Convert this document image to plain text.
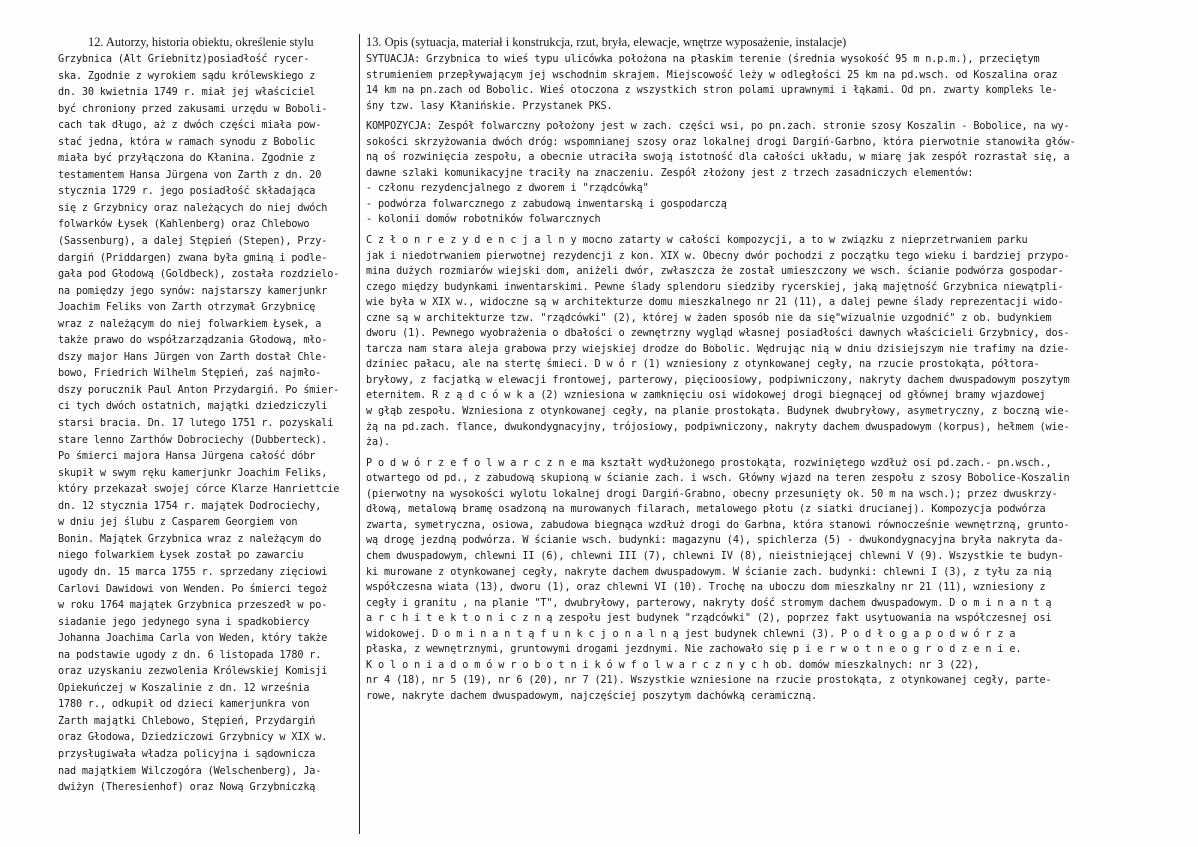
12. Autorzy, historia obiektu, określenie stylu
Grzybnica (Alt Griebnitz)posiadłość rycer-
ska. Zgodnie z wyrokiem sądu królewskiego z
dn. 30 kwietnia 1749 r. miał jej właściciel
być chroniony przed zakusami urzędu w Boboli-
cach tak długo, aż z dwóch części miała pow-
stać jedna, która w ramach synodu z Bobolic
miała być przyłączona do Kłanina. Zgodnie z
testamentem Hansa Jürgena von Zarth z dn. 20
stycznia 1729 r. jego posiadłość składająca
się z Grzybnicy oraz należących do niej dwóch
folwarków Łysek (Kahlenberg) oraz Chlebowo
(Sassenburg), a dalej Stępień (Stepen), Przy-
dargiń (Priddargen) zwana była gminą i podle-
gała pod Głodową (Goldbeck), została rozdzielo-
na pomiędzy jego synów: najstarszy kamerjunkr
Joachim Feliks von Zarth otrzymał Grzybnicę
wraz z należącym do niej folwarkiem Łysek, a
także prawo do współzarządzania Głodową, mło-
dszy major Hans Jürgen von Zarth dostał Chle-
bowo, Friedrich Wilhelm Stępień, zaś najmło-
dszy porucznik Paul Anton Przydargiń. Po śmier-
ci tych dwóch ostatnich, majątki dziedziczyli
starsi bracia. Dn. 17 lutego 1751 r. pozyskali
stare lenno Zarthów Dobrociechy (Dubberteck).
Po śmierci majora Hansa Jürgena całość dóbr
skupił w swym ręku kamerjunkr Joachim Feliks,
który przekazał swojej córce Klarze Hanriettcie
dn. 12 stycznia 1754 r. majątek Dodrociechy,
w dniu jej ślubu z Casparem Georgiem von
Bonin. Majątek Grzybnica wraz z należącym do
niego folwarkiem Łysek został po zawarciu
ugody dn. 15 marca 1755 r. sprzedany zięciowi
Carlovi Dawidowi von Wenden. Po śmierci tegoż
w roku 1764 majątek Grzybnica przeszedł w po-
siadanie jego jedynego syna i spadkobiercy
Johanna Joachima Carla von Weden, który także
na podstawie ugody z dn. 6 listopada 1780 r.
oraz uzyskaniu zezwolenia Królewskiej Komisji
Opiekuńczej w Koszalinie z dn. 12 września
1780 r., odkupił od dzieci kamerjunkra von
Zarth majątki Chlebowo, Stępień, Przydargiń
oraz Głodowa, Dziedziczowi Grzybnicy w XIX w.
przysługiwała władza policyjna i sądownicza
nad majątkiem Wilczogóra (Welschenberg), Ja-
dwiżyn (Theresienhof) oraz Nową Grzybniczką
13. Opis (sytuacja, materiał i konstrukcja, rzut, bryła, elewacje, wnętrze wyposażenie, instalacje)
SYTUACJA: Grzybnica to wieś typu ulicówka położona na płaskim terenie (średnia wysokość 95 m n.p.m.), przeciętym
strumieniem przepływającym jej wschodnim skrajem. Miejscowość leży w odległości 25 km na pd.wsch. od Koszalina oraz
14 km na pn.zach od Bobolic. Wieś otoczona z wszystkich stron polami uprawnymi i łąkami. Od pn. zwarty kompleks le-
śny tzw. lasy Kłanińskie. Przystanek PKS.
KOMPOZYCJA: Zespół folwarczny położony jest w zach. części wsi, po pn.zach. stronie szosy Koszalin - Bobolice, na wy-
sokości skrzyżowania dwóch dróg: wspomnianej szosy oraz lokalnej drogi Dargiń-Garbno, która pierwotnie stanowiła głów-
ną oś rozwinięcia zespołu, a obecnie utraciła swoją istotność dla całości układu, w miarę jak zespół rozrastał się, a
dawne szlaki komunikacyjne traciły na znaczeniu. Zespół złożony jest z trzech zasadniczych elementów:
- członu rezydencjalnego z dworem i "rządcówką"
- podwórza folwarcznego z zabudową inwentarską i gospodarczą
- kolonii domów robotników folwarcznych
C z ł o n r e z y d e n c j a l n y mocno zatarty w całości kompozycji, a to w związku z nieprzetrwaniem parku
jak i niedotrwaniem pierwotnej rezydencji z kon. XIX w. Obecny dwór pochodzi z początku tego wieku i bardziej przypo-
mina dużych rozmiarów wiejski dom, aniżeli dwór, zwłaszcza że został umieszczony we wsch. ścianie podwórza gospodar-
czego między budynkami inwentarskimi. Pewne ślady splendoru siedziby rycerskiej, jaką majętność Grzybnica niewątpli-
wie była w XIX w., widoczne są w architekturze domu mieszkalnego nr 21 (11), a dalej pewne ślady reprezentacji wido-
czne są w architekturze tzw. "rządcówki" (2), której w żaden sposób nie da się"wizualnie uzgodnić" z ob. budynkiem
dworu (1). Pewnego wyobrażenia o dbałości o zewnętrzny wygląd własnej posiadłości dawnych właścicieli Grzybnicy, dos-
tarcza nam stara aleja grabowa przy wiejskiej drodze do Bobolic. Wędrując nią w dniu dzisiejszym nie trafimy na dzie-
dziniec pałacu, ale na stertę śmieci. D w ó r (1) wzniesiony z otynkowanej cegły, na rzucie prostokąta, półtora-
bryłowy, z facjatką w elewacji frontowej, parterowy, pięcioosiowy, podpiwniczony, nakryty dachem dwuspadowym poszytym
eternitem. R z ą d c ó w k a (2) wzniesiona w zamknięciu osi widokowej drogi biegnącej od głównej bramy wjazdowej
w głąb zespołu. Wzniesiona z otynkowanej cegły, na planie prostokąta. Budynek dwubryłowy, asymetryczny, z boczną wie-
żą na pd.zach. flance, dwukondygnacyjny, trójosiowy, podpiwniczony, nakryty dachem dwuspadowym (korpus), hełmem (wie-
ża).
P o d w ó r z e f o l w a r c z n e ma kształt wydłużonego prostokąta, rozwiniętego wzdłuż osi pd.zach.- pn.wsch.,
otwartego od pd., z zabudową skupioną w ścianie zach. i wsch. Główny wjazd na teren zespołu z szosy Bobolice-Koszalin
(pierwotny na wysokości wylotu lokalnej drogi Dargiń-Grabno, obecny przesunięty ok. 50 m na wsch.); przez dwuskrzy-
dłową, metalową bramę osadzoną na murowanych filarach, metalowego płotu (z siatki drucianej). Kompozycja podwórza
zwarta, symetryczna, osiowa, zabudowa biegnąca wzdłuż drogi do Garbna, która stanowi równocześnie wewnętrzną, grunto-
wą drogę jezdną podwórza. W ścianie wsch. budynki: magazynu (4), spichlerza (5) - dwukondygnacyjna bryła nakryta da-
chem dwuspadowym, chlewni II (6), chlewni III (7), chlewni IV (8), nieistniejącej chlewni V (9). Wszystkie te budyn-
ki murowane z otynkowanej cegły, nakryte dachem dwuspadowym. W ścianie zach. budynki: chlewni I (3), z tyłu za nią
współczesna wiata (13), dworu (1), oraz chlewni VI (10). Trochę na uboczu dom mieszkalny nr 21 (11), wzniesiony z
cegły i granitu , na planie "T", dwubryłowy, parterowy, nakryty dość stromym dachem dwuspadowym. D o m i n a n t ą
a r c h i t e k t o n i c z n ą zespołu jest budynek "rządcówki" (2), poprzez fakt usytuowania na współczesnej osi
widokowej. D o m i n a n t ą f u n k c j o n a l n ą jest budynek chlewni (3). P o d ł o g a p o d w ó r z a
płaska, z wewnętrznymi, gruntowymi drogami jezdnymi. Nie zachowało się p i e r w o t n e o g r o d z e n i e.
K o l o n i a d o m ó w r o b o t n i k ó w f o l w a r c z n y c h ob. domów mieszkalnych: nr 3 (22),
nr 4 (18), nr 5 (19), nr 6 (20), nr 7 (21). Wszystkie wzniesione na rzucie prostokąta, z otynkowanej cegły, parte-
rowe, nakryte dachem dwuspadowym, najczęściej poszytym dachówką ceramiczną.
